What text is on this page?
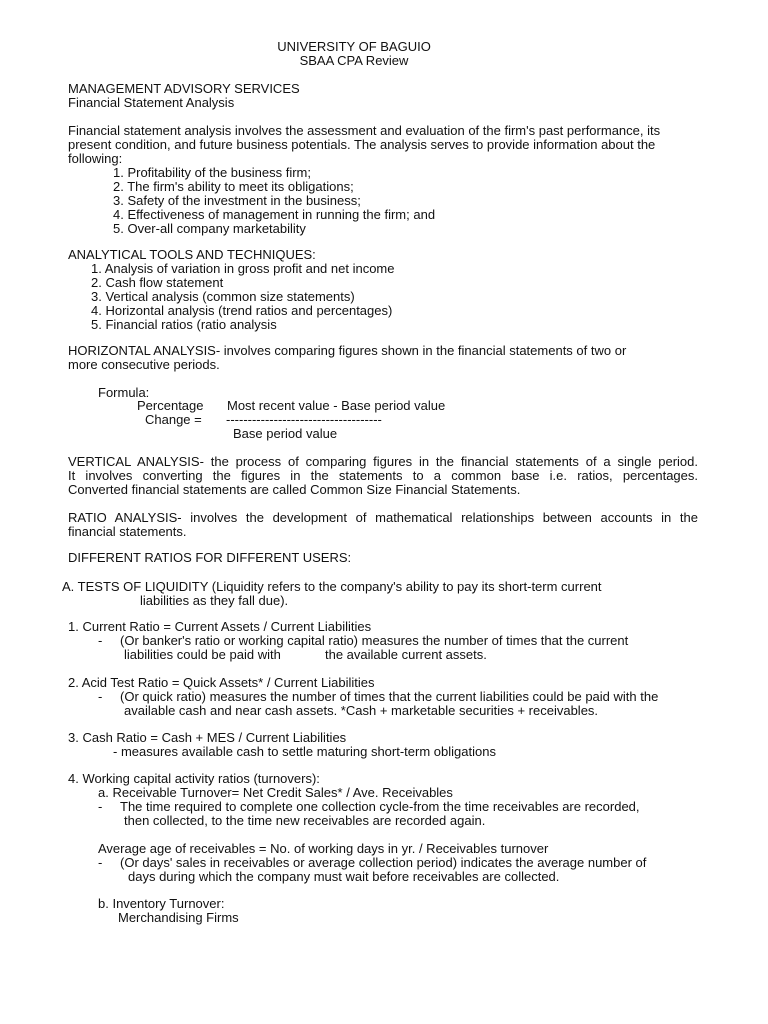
UNIVERSITY OF BAGUIO
SBAA CPA Review
MANAGEMENT ADVISORY SERVICES
Financial Statement Analysis
Financial statement analysis involves the assessment and evaluation of the firm's past performance, its
present condition, and future business potentials. The analysis serves to provide information about the
following:
1. Profitability of the business firm;
2. The firm's ability to meet its obligations;
3. Safety of the investment in the business;
4. Effectiveness of management in running the firm; and
5. Over-all company marketability
ANALYTICAL TOOLS AND TECHNIQUES:
1. Analysis of variation in gross profit and net income
2. Cash flow statement
3. Vertical analysis (common size statements)
4. Horizontal analysis (trend ratios and percentages)
5. Financial ratios (ratio analysis
HORIZONTAL ANALYSIS- involves comparing figures shown in the financial statements of two or
more consecutive periods.
Formula:
Percentage Most recent value - Base period value
Change = ------------------------------------
Base period value
VERTICAL ANALYSIS- the process of comparing figures in the financial statements of a single period.
It involves converting the figures in the statements to a common base i.e. ratios, percentages.
Converted financial statements are called Common Size Financial Statements.
RATIO ANALYSIS- involves the development of mathematical relationships between accounts in the
financial statements.
DIFFERENT RATIOS FOR DIFFERENT USERS:
A. TESTS OF LIQUIDITY (Liquidity refers to the company's ability to pay its short-term current
liabilities as they fall due).
1. Current Ratio = Current Assets / Current Liabilities
- (Or banker's ratio or working capital ratio) measures the number of times that the current
liabilities could be paid with	the available current assets.
2. Acid Test Ratio = Quick Assets* / Current Liabilities
- (Or quick ratio) measures the number of times that the current liabilities could be paid with the
available cash and near cash assets. *Cash + marketable securities + receivables.
3. Cash Ratio = Cash + MES / Current Liabilities
- measures available cash to settle maturing short-term obligations
4. Working capital activity ratios (turnovers):
a. Receivable Turnover= Net Credit Sales* / Ave. Receivables
- The time required to complete one collection cycle-from the time receivables are recorded,
then collected, to the time new receivables are recorded again.
Average age of receivables = No. of working days in yr. / Receivables turnover
- (Or days' sales in receivables or average collection period) indicates the average number of
days during which the company must wait before receivables are collected.
b. Inventory Turnover:
Merchandising Firms
